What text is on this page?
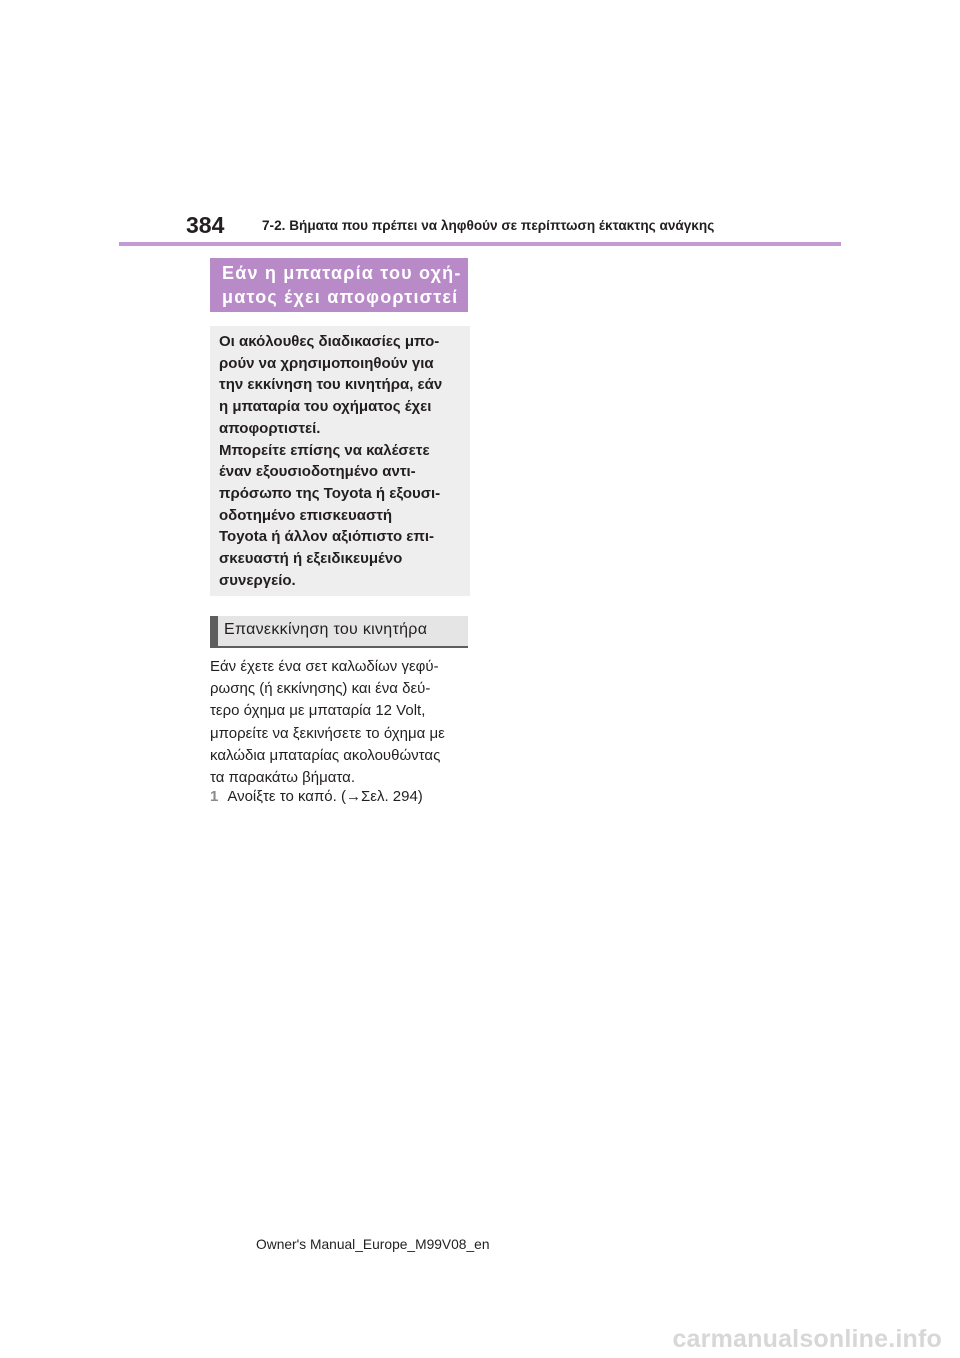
384	7-2. Βήματα που πρέπει να ληφθούν σε περίπτωση έκτακτης ανάγκης
Εάν η μπαταρία του οχή-
ματος έχει αποφορτιστεί
Οι ακόλουθες διαδικασίες μπο-
ρούν να χρησιμοποιηθούν για
την εκκίνηση του κινητήρα, εάν
η μπαταρία του οχήματος έχει
αποφορτιστεί.
Μπορείτε επίσης να καλέσετε
έναν εξουσιοδοτημένο αντι-
πρόσωπο της Toyota ή εξουσι-
οδοτημένο επισκευαστή
Toyota ή άλλον αξιόπιστο επι-
σκευαστή ή εξειδικευμένο
συνεργείο.
Επανεκκίνηση του κινητήρα
Εάν έχετε ένα σετ καλωδίων γεφύ-
ρωσης (ή εκκίνησης) και ένα δεύ-
τερο όχημα με μπαταρία 12 Volt,
μπορείτε να ξεκινήσετε το όχημα με
καλώδια μπαταρίας ακολουθώντας
τα παρακάτω βήματα.
1 Ανοίξτε το καπό. (→Σελ. 294)
Owner's Manual_Europe_M99V08_en
carmanualsonline.info
